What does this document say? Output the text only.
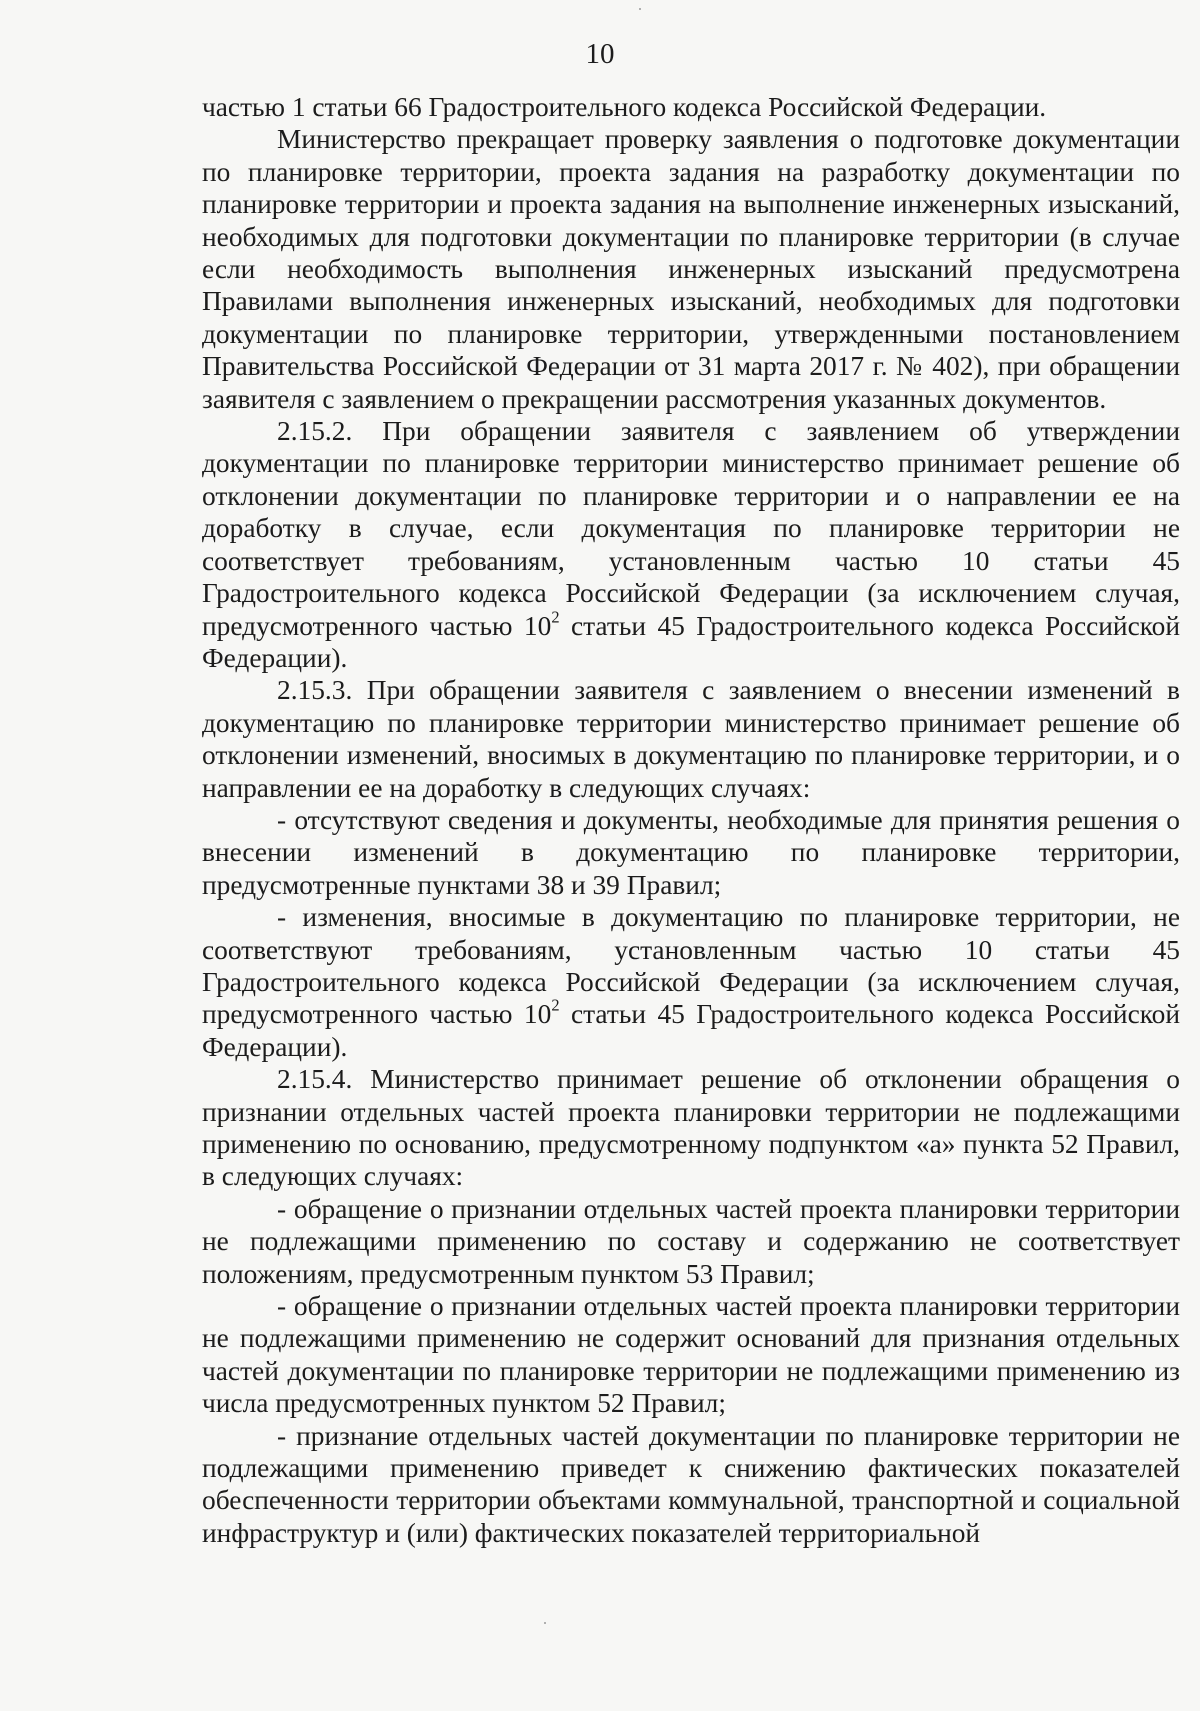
10

частью 1 статьи 66 Градостроительного кодекса Российской Федерации.

Министерство прекращает проверку заявления о подготовке документации по планировке территории, проекта задания на разработку документации по планировке территории и проекта задания на выполнение инженерных изысканий, необходимых для подготовки документации по планировке территории (в случае если необходимость выполнения инженерных изысканий предусмотрена Правилами выполнения инженерных изысканий, необходимых для подготовки документации по планировке территории, утвержденными постановлением Правительства Российской Федерации от 31 марта 2017 г. № 402), при обращении заявителя с заявлением о прекращении рассмотрения указанных документов.

2.15.2. При обращении заявителя с заявлением об утверждении документации по планировке территории министерство принимает решение об отклонении документации по планировке территории и о направлении ее на доработку в случае, если документация по планировке территории не соответствует требованиям, установленным частью 10 статьи 45 Градостроительного кодекса Российской Федерации (за исключением случая, предусмотренного частью $10^2$ статьи 45 Градостроительного кодекса Российской Федерации).

2.15.3. При обращении заявителя с заявлением о внесении изменений в документацию по планировке территории министерство принимает решение об отклонении изменений, вносимых в документацию по планировке территории, и о направлении ее на доработку в следующих случаях:

- отсутствуют сведения и документы, необходимые для принятия решения о внесении изменений в документацию по планировке территории, предусмотренные пунктами 38 и 39 Правил;

- изменения, вносимые в документацию по планировке территории, не соответствуют требованиям, установленным частью 10 статьи 45 Градостроительного кодекса Российской Федерации (за исключением случая, предусмотренного частью $10^2$ статьи 45 Градостроительного кодекса Российской Федерации).

2.15.4. Министерство принимает решение об отклонении обращения о признании отдельных частей проекта планировки территории не подлежащими применению по основанию, предусмотренному подпунктом «а» пункта 52 Правил, в следующих случаях:

- обращение о признании отдельных частей проекта планировки территории не подлежащими применению по составу и содержанию не соответствует положениям, предусмотренным пунктом 53 Правил;

- обращение о признании отдельных частей проекта планировки территории не подлежащими применению не содержит оснований для признания отдельных частей документации по планировке территории не подлежащими применению из числа предусмотренных пунктом 52 Правил;

- признание отдельных частей документации по планировке территории не подлежащими применению приведет к снижению фактических показателей обеспеченности территории объектами коммунальной, транспортной и социальной инфраструктур и (или) фактических показателей территориальной
